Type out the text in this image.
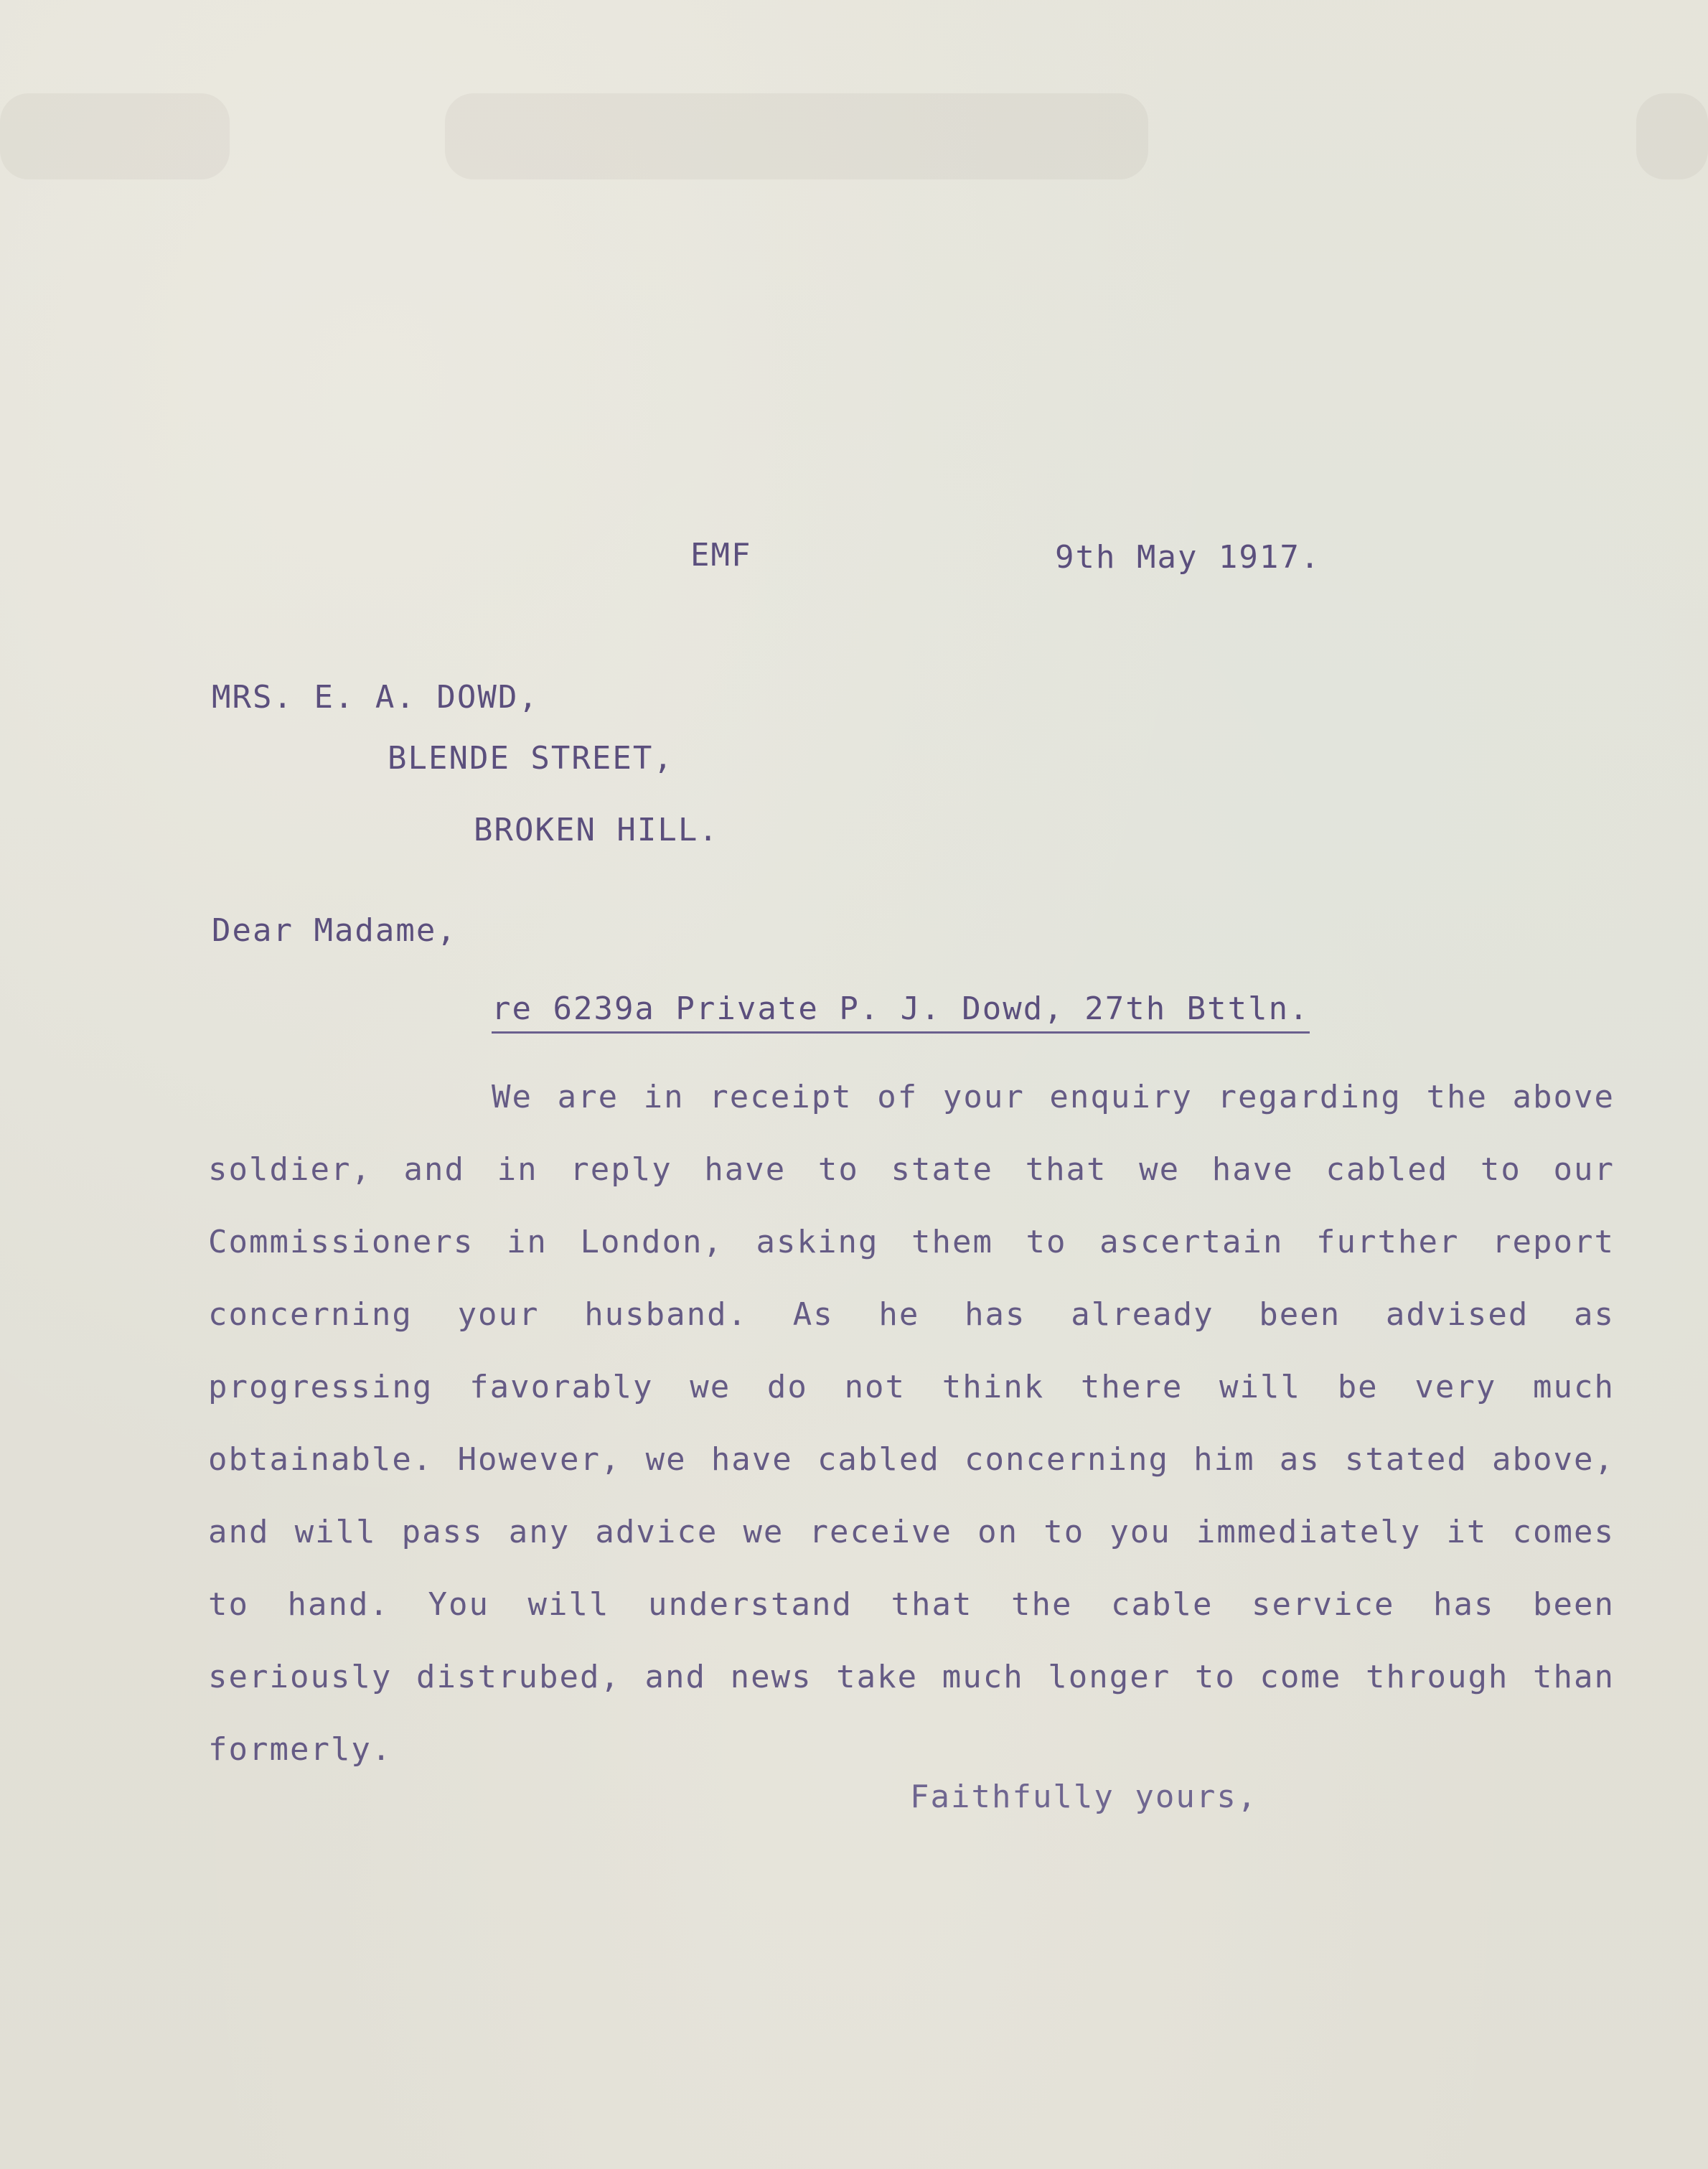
EMF	9th May 1917.
MRS. E. A. DOWD,
BLENDE STREET,
BROKEN HILL.
Dear Madame,
re 6239a Private P. J. Dowd, 27th Bttln.

We are in receipt of your enquiry regarding the above soldier, and in reply have to state that we have cabled to our Commissioners in London, asking them to ascertain further report concerning your husband. As he has already been advised as progressing favorably we do not think there will be very much obtainable. However, we have cabled concerning him as stated above, and will pass any advice we receive on to you immediately it comes to hand. You will understand that the cable service has been seriously distrubed, and news take much longer to come through than formerly.

Faithfully yours,
